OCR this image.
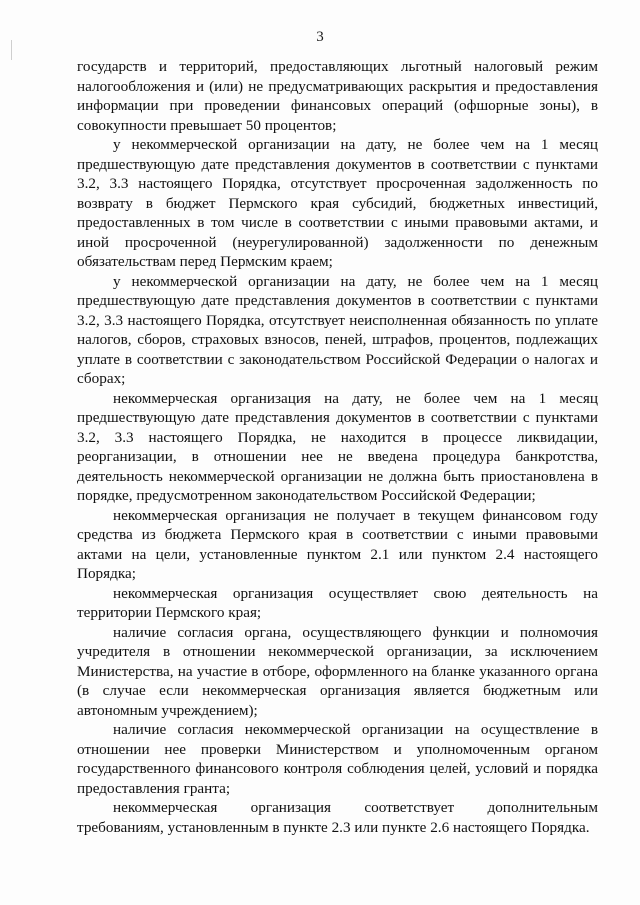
3

государств и территорий, предоставляющих льготный налоговый режим налогообложения и (или) не предусматривающих раскрытия и предоставления информации при проведении финансовых операций (офшорные зоны), в совокупности превышает 50 процентов;

у некоммерческой организации на дату, не более чем на 1 месяц предшествующую дате представления документов в соответствии с пунктами 3.2, 3.3 настоящего Порядка, отсутствует просроченная задолженность по возврату в бюджет Пермского края субсидий, бюджетных инвестиций, предоставленных в том числе в соответствии с иными правовыми актами, и иной просроченной (неурегулированной) задолженности по денежным обязательствам перед Пермским краем;

у некоммерческой организации на дату, не более чем на 1 месяц предшествующую дате представления документов в соответствии с пунктами 3.2, 3.3 настоящего Порядка, отсутствует неисполненная обязанность по уплате налогов, сборов, страховых взносов, пеней, штрафов, процентов, подлежащих уплате в соответствии с законодательством Российской Федерации о налогах и сборах;

некоммерческая организация на дату, не более чем на 1 месяц предшествующую дате представления документов в соответствии с пунктами 3.2, 3.3 настоящего Порядка, не находится в процессе ликвидации, реорганизации, в отношении нее не введена процедура банкротства, деятельность некоммерческой организации не должна быть приостановлена в порядке, предусмотренном законодательством Российской Федерации;

некоммерческая организация не получает в текущем финансовом году средства из бюджета Пермского края в соответствии с иными правовыми актами на цели, установленные пунктом 2.1 или пунктом 2.4 настоящего Порядка;

некоммерческая организация осуществляет свою деятельность на территории Пермского края;

наличие согласия органа, осуществляющего функции и полномочия учредителя в отношении некоммерческой организации, за исключением Министерства, на участие в отборе, оформленного на бланке указанного органа (в случае если некоммерческая организация является бюджетным или автономным учреждением);

наличие согласия некоммерческой организации на осуществление в отношении нее проверки Министерством и уполномоченным органом государственного финансового контроля соблюдения целей, условий и порядка предоставления гранта;

некоммерческая организация соответствует дополнительным требованиям, установленным в пункте 2.3 или пункте 2.6 настоящего Порядка.
